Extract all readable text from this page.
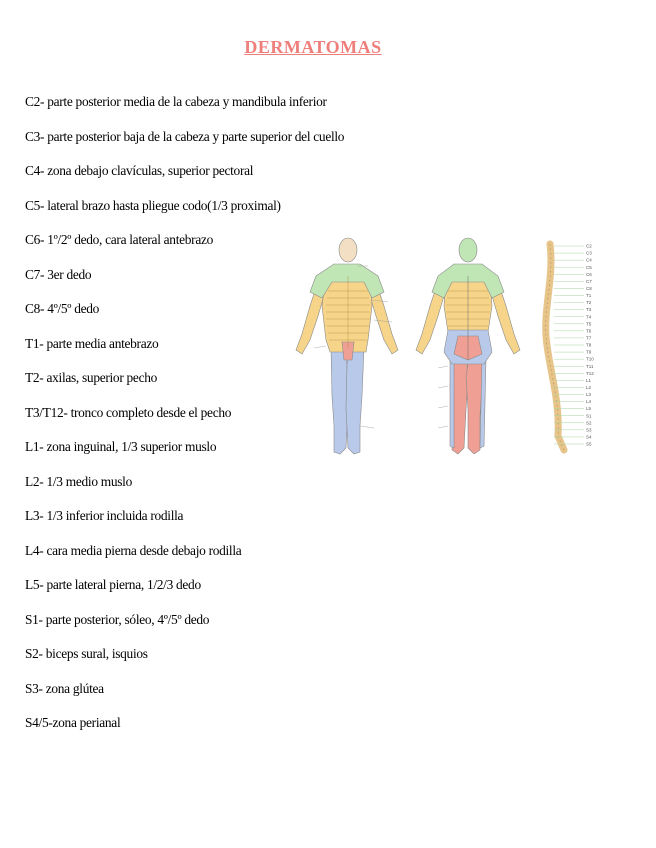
DERMATOMAS
C2- parte posterior media de la cabeza y mandibula inferior
C3- parte posterior baja de la cabeza y parte superior del cuello
C4- zona debajo clavículas, superior pectoral
C5- lateral brazo hasta pliegue codo(1/3 proximal)
C6- 1º/2º dedo, cara lateral antebrazo
C7- 3er dedo
C8- 4º/5º dedo
T1- parte media antebrazo
T2- axilas, superior pecho
T3/T12- tronco completo desde el pecho
L1- zona inguinal, 1/3 superior muslo
L2- 1/3 medio muslo
L3- 1/3 inferior incluida rodilla
L4- cara media pierna desde debajo rodilla
L5- parte lateral pierna, 1/2/3 dedo
S1- parte posterior, sóleo, 4º/5º dedo
S2- biceps sural, isquios
S3- zona glútea
S4/5-zona perianal
C2
C3
C4
C5
C6
C7
C8
T1
T2
T3
T4
T5
T6
T7
T8
T9
T10
T11
T12
L1
L2
L3
L4
L5
S1
S2
S3
S4
S5
